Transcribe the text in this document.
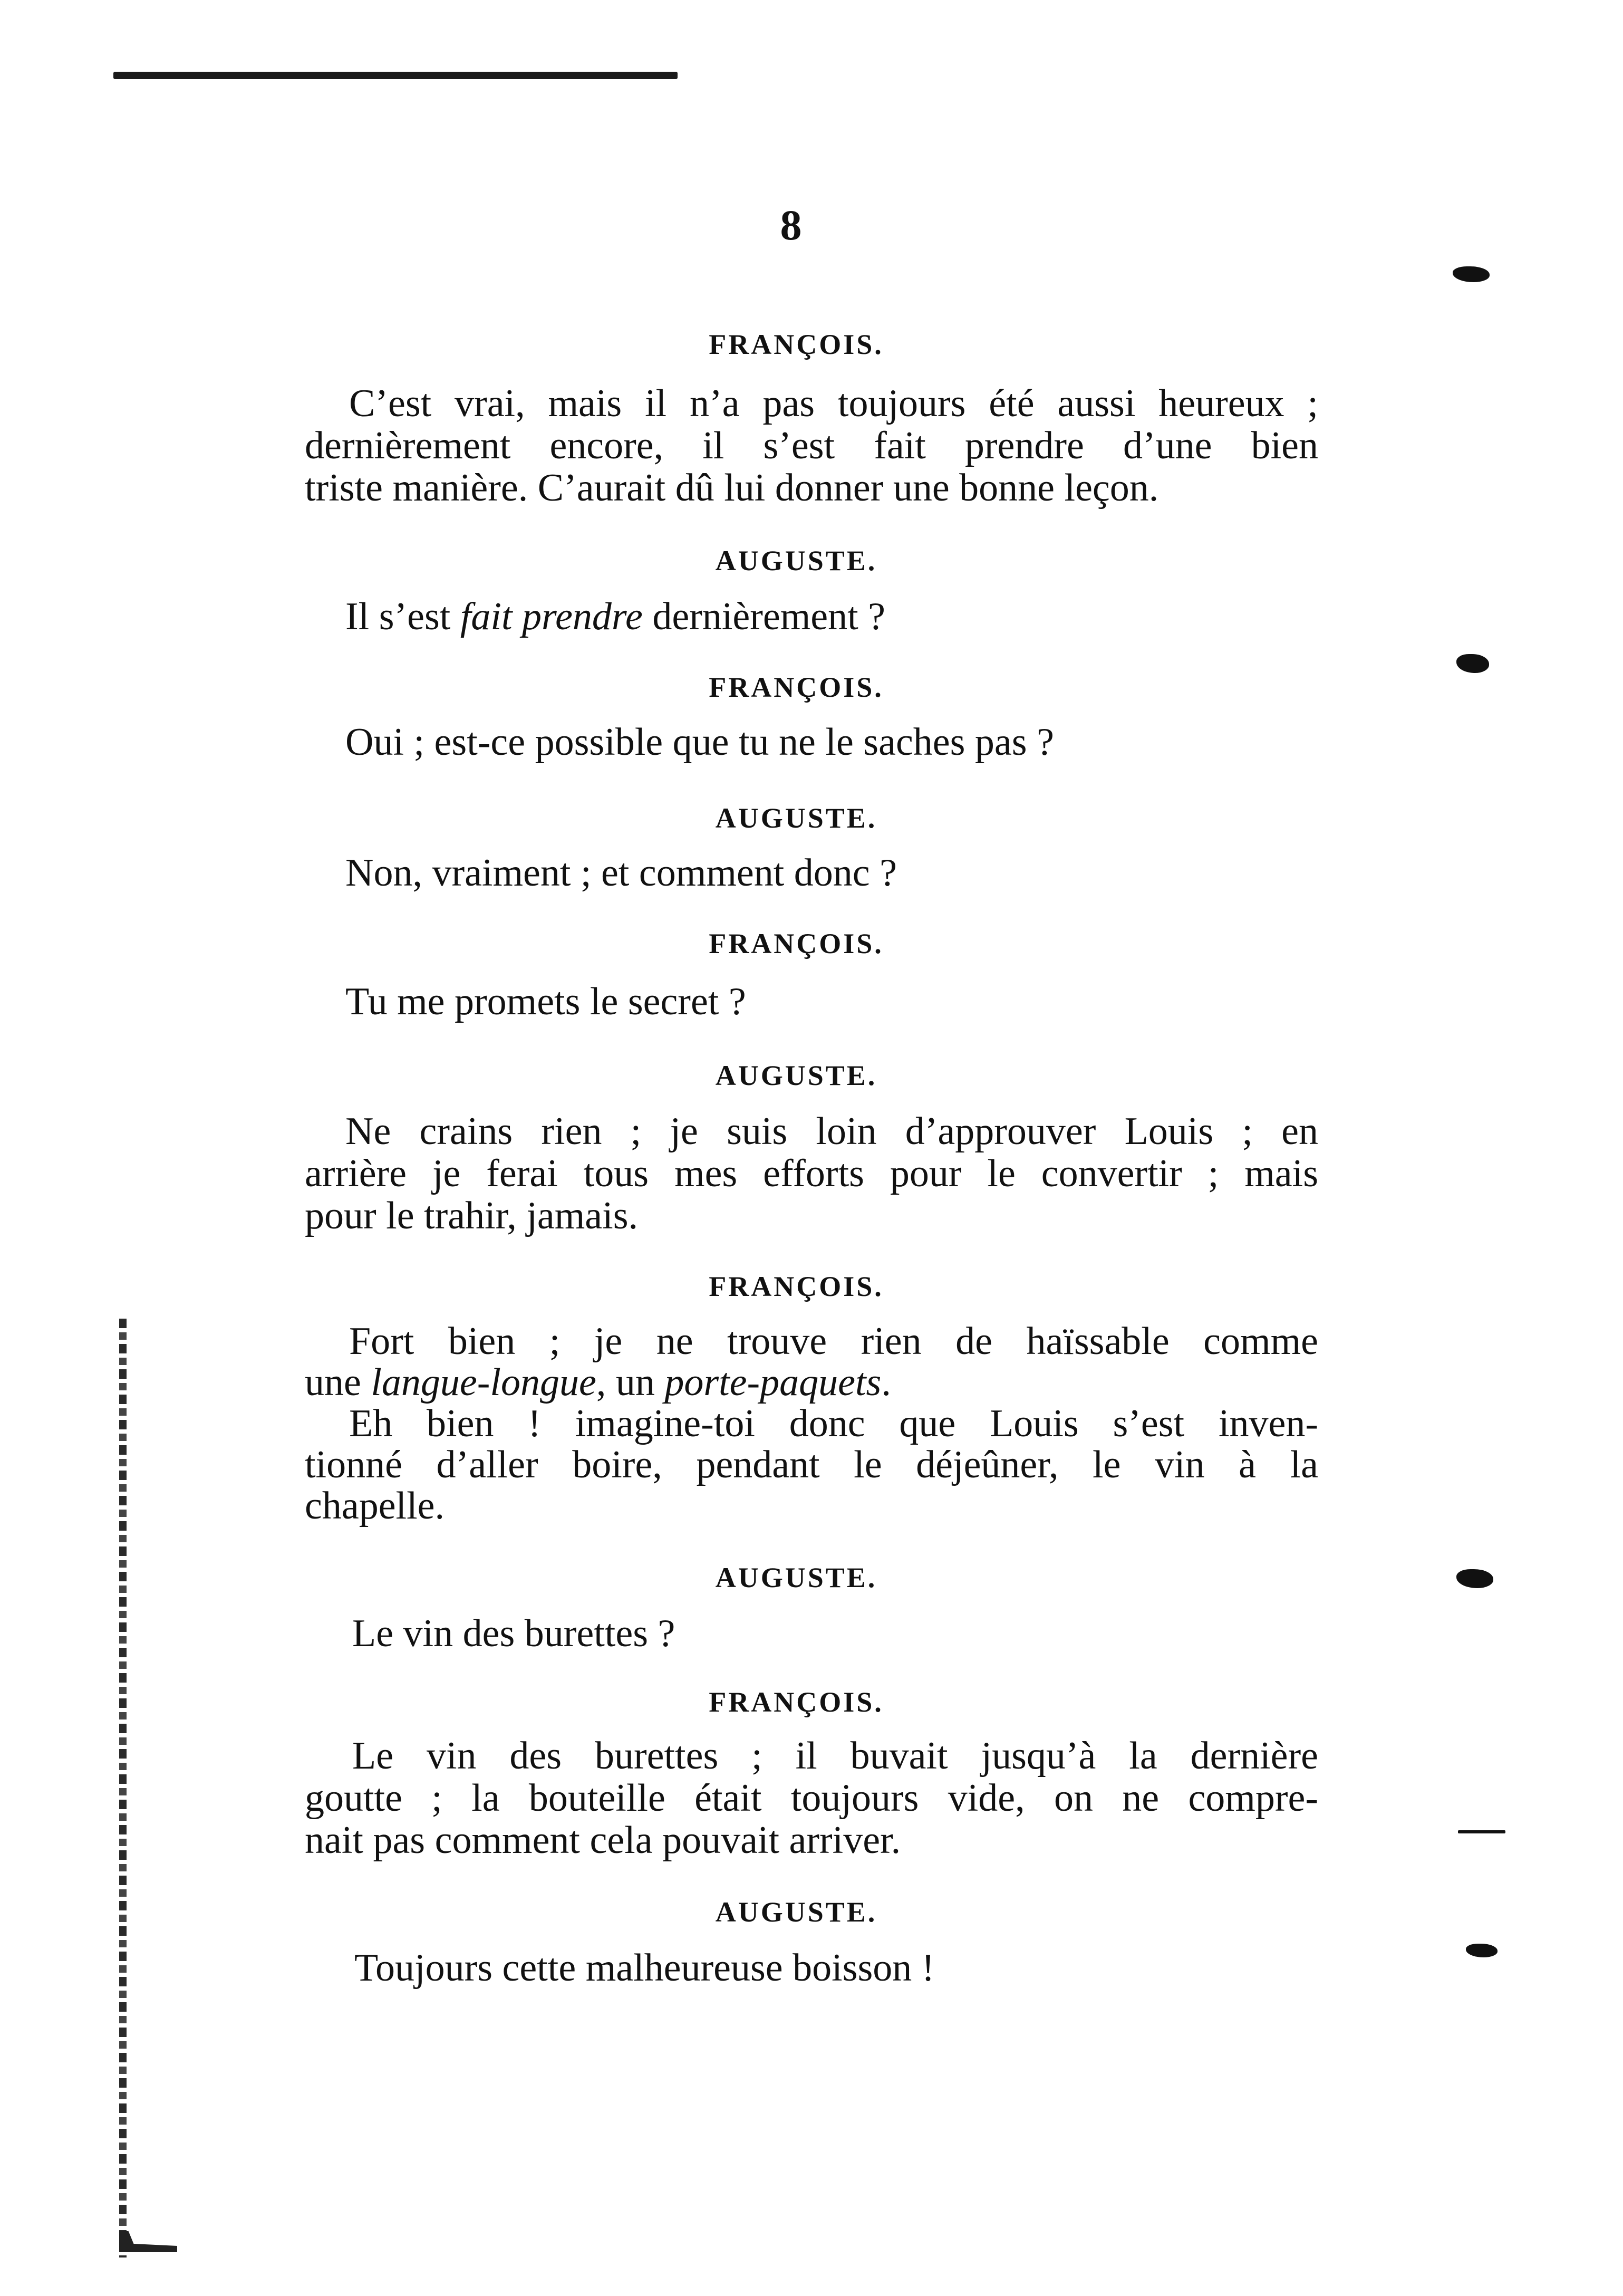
8
FRANÇOIS.
C’est vrai, mais il n’a pas toujours été aussi heureux ;
dernièrement encore, il s’est fait prendre d’une bien
triste manière. C’aurait dû lui donner une bonne leçon.
AUGUSTE.
Il s’est fait prendre dernièrement ?
FRANÇOIS.
Oui ; est-ce possible que tu ne le saches pas ?
AUGUSTE.
Non, vraiment ; et comment donc ?
FRANÇOIS.
Tu me promets le secret ?
AUGUSTE.
Ne crains rien ; je suis loin d’approuver Louis ; en
arrière je ferai tous mes efforts pour le convertir ; mais
pour le trahir, jamais.
FRANÇOIS.
Fort bien ; je ne trouve rien de haïssable comme
une langue-longue, un porte-paquets.
Eh bien ! imagine-toi donc que Louis s’est inven-
tionné d’aller boire, pendant le déjeûner, le vin à la
chapelle.
AUGUSTE.
Le vin des burettes ?
FRANÇOIS.
Le vin des burettes ; il buvait jusqu’à la dernière
goutte ; la bouteille était toujours vide, on ne compre-
nait pas comment cela pouvait arriver.
AUGUSTE.
Toujours cette malheureuse boisson !
